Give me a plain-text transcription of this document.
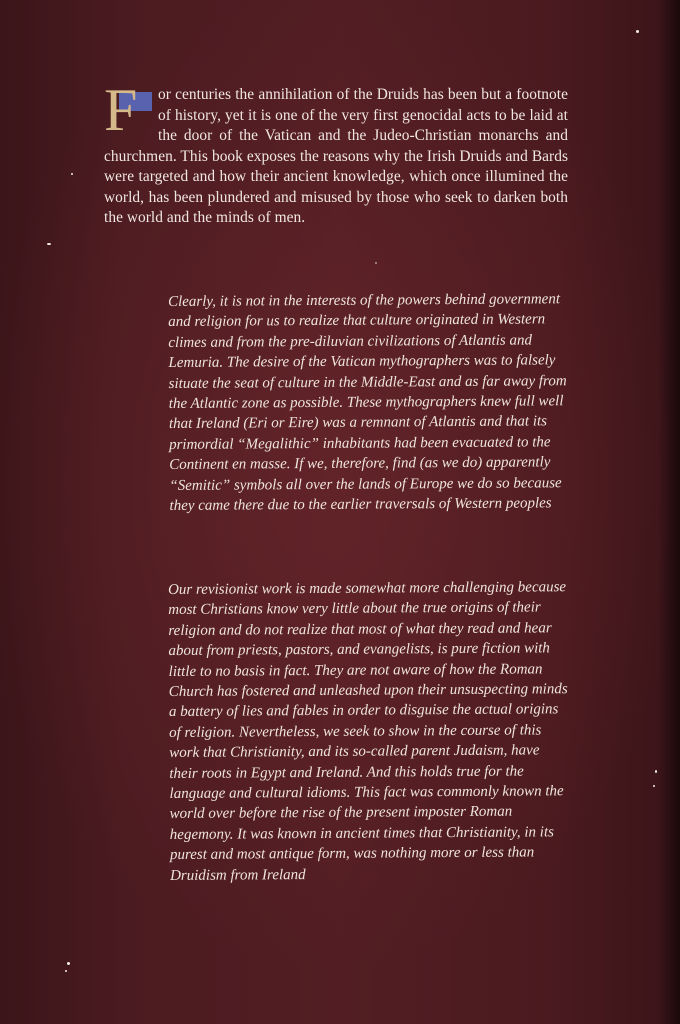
F	or centuries the annihilation of the Druids has been but a footnote of history, yet it is one of the very first genocidal acts to be laid at the door of the Vatican and the Judeo-Christian monarchs and churchmen. This book exposes the reasons why the Irish Druids and Bards were targeted and how their ancient knowledge, which once illumined the world, has been plundered and misused by those who seek to darken both the world and the minds of men.
Clearly, it is not in the interests of the powers behind government and religion for us to realize that culture originated in Western climes and from the pre-diluvian civilizations of Atlantis and Lemuria. The desire of the Vatican mythographers was to falsely situate the seat of culture in the Middle-East and as far away from the Atlantic zone as possible. These mythographers knew full well that Ireland (Eri or Eire) was a remnant of Atlantis and that its primordial “Megalithic” inhabitants had been evacuated to the Continent en masse. If we, therefore, find (as we do) apparently “Semitic” symbols all over the lands of Europe we do so because they came there due to the earlier traversals of Western peoples
Our revisionist work is made somewhat more challenging because most Christians know very little about the true origins of their religion and do not realize that most of what they read and hear about from priests, pastors, and evangelists, is pure fiction with little to no basis in fact. They are not aware of how the Roman Church has fostered and unleashed upon their unsuspecting minds a battery of lies and fables in order to disguise the actual origins of religion. Nevertheless, we seek to show in the course of this work that Christianity, and its so-called parent Judaism, have their roots in Egypt and Ireland. And this holds true for the language and cultural idioms. This fact was commonly known the world over before the rise of the present imposter Roman hegemony. It was known in ancient times that Christianity, in its purest and most antique form, was nothing more or less than Druidism from Ireland
